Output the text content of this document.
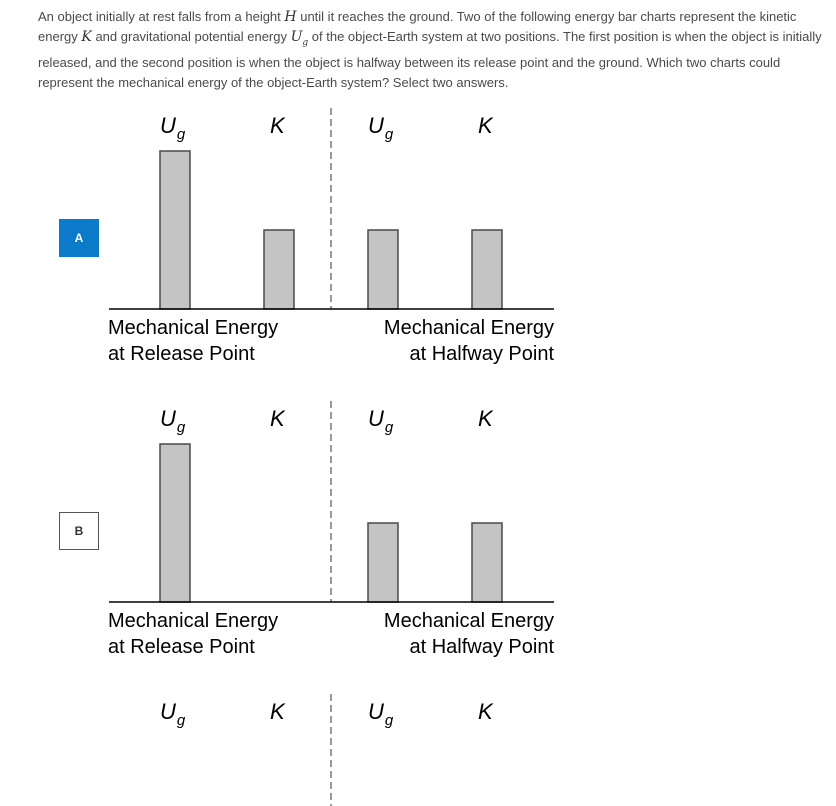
An object initially at rest falls from a height H until it reaches the ground. Two of the following energy bar charts represent the kinetic energy K and gravitational potential energy $U_g$ of the object-Earth system at two positions. The first position is when the object is initially released, and the second position is when the object is halfway between its release point and the ground. Which two charts could represent the mechanical energy of the object-Earth system? Select two answers.

A
$U_g$	K	$U_g$	K
Mechanical Energy
at Release Point
Mechanical Energy
at Halfway Point
B
$U_g$	K	$U_g$	K
Mechanical Energy
at Release Point
Mechanical Energy
at Halfway Point
$U_g$	K	$U_g$	K
